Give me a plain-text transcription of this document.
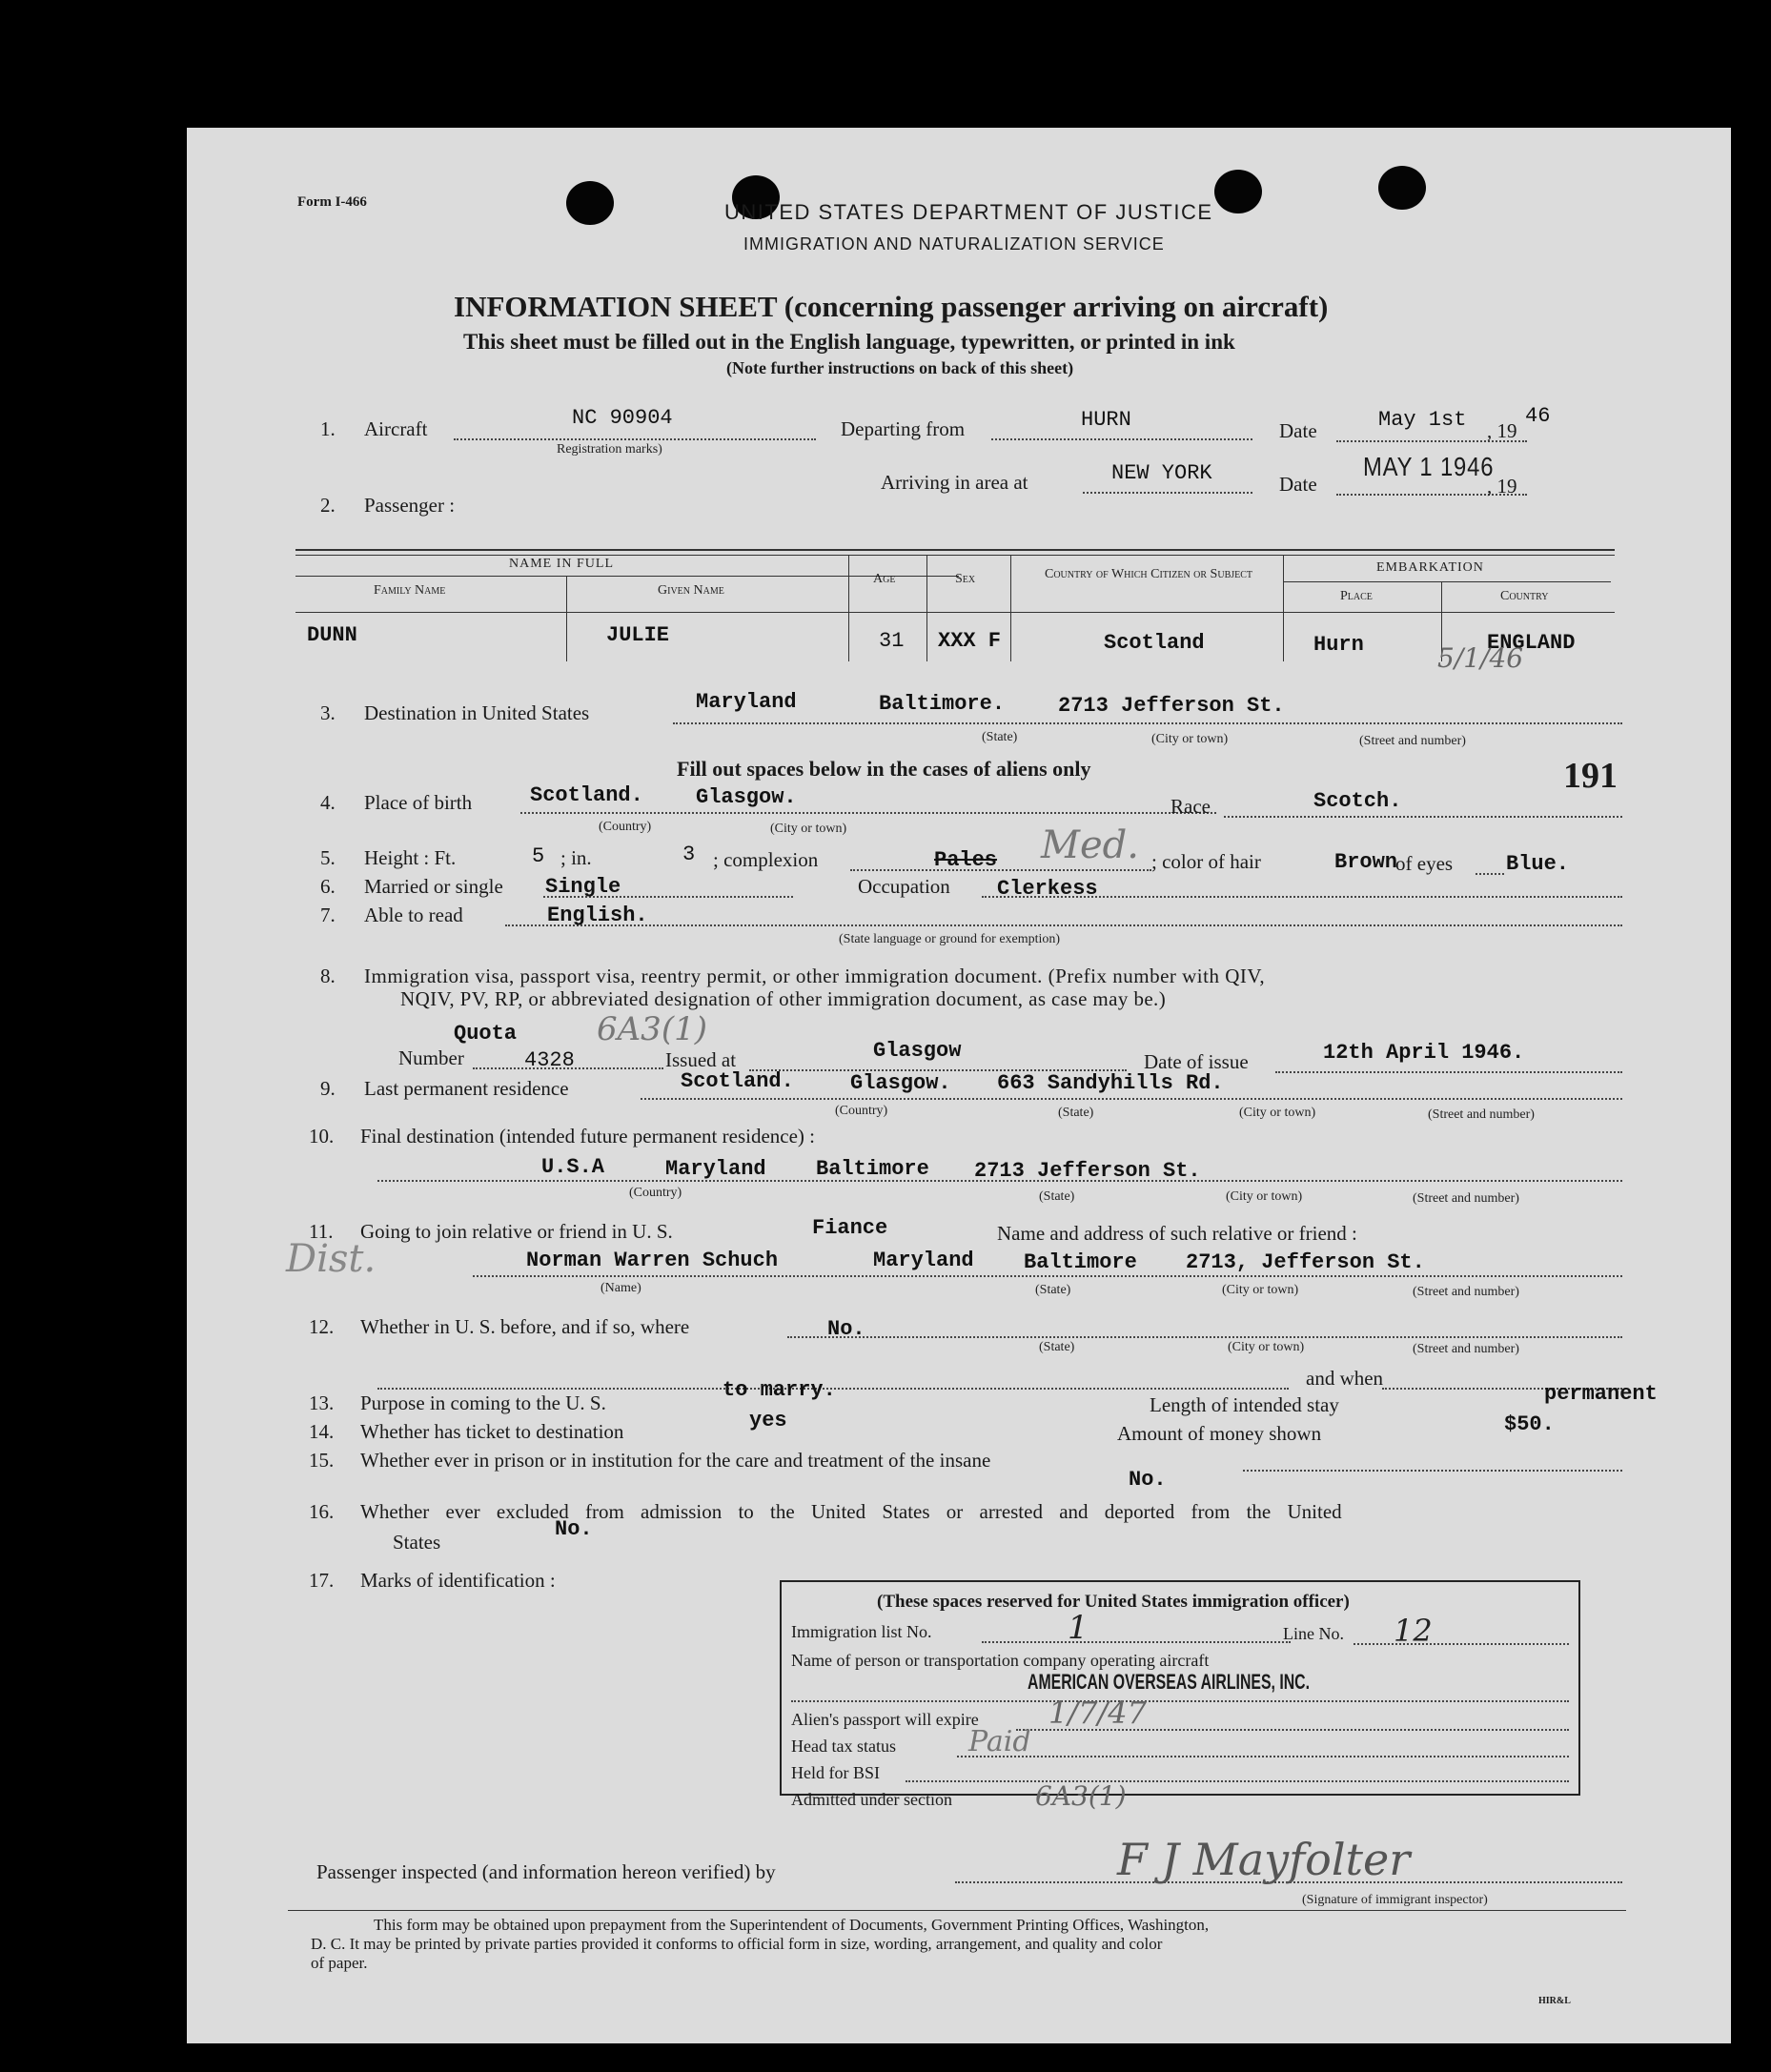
Form I-466	UNITED STATES DEPARTMENT OF JUSTICE
IMMIGRATION AND NATURALIZATION SERVICE
INFORMATION SHEET (concerning passenger arriving on aircraft)
This sheet must be filled out in the English language, typewritten, or printed in ink
(Note further instructions on back of this sheet)
1. Aircraft	NC 90904
Registration marks)
Departing from	HURN	Date	May 1st , 19
46
Arriving in area at	NEW YORK	Date
MAY 1 1946
, 19
2. Passenger :
NAME IN FULL
Family Name	Given Name
Age	Sex	Country of Which Citizen or Subject	EMBARKATION
Place	Country
DUNN	JULIE	31 XXX F	Scotland	Hurn	ENGLAND
5/1/46
3. Destination in United States	Maryland	Baltimore.	2713 Jefferson St.
(State)	(City or town)	(Street and number)
Fill out spaces below in the cases of aliens only	191
4. Place of birth	Scotland.	Glasgow.
(Country)	(City or town)
Race	Scotch.
5. Height : Ft.	5 ; in.	3 ; complexion	Pales Med. ; color of hair	Brown
of eyes	Blue.
6. Married or single Single	Occupation Clerkess
7. Able to read	English.
(State language or ground for exemption)
8. Immigration visa, passport visa, reentry permit, or other immigration document. (Prefix number with QIV,
NQIV, PV, RP, or abbreviated designation of other immigration document, as case may be.)
Quota 6A3(1)
Number	4328	Issued at	Glasgow	Date of issue	12th April 1946.
9. Last permanent residence	Scotland.	Glasgow. 663 Sandyhills Rd.
(Country)	(State)	(City or town)	(Street and number)
10. Final destination (intended future permanent residence) :
U.S.A	Maryland Baltimore 2713 Jefferson St.
(Country)	(State)	(City or town)	(Street and number)
11. Going to join relative or friend in U. S.	Fiance	Name and address of such relative or friend :
Dist.	Norman Warren Schuch	Maryland Baltimore 2713, Jefferson St.
(Name)	(State)	(City or town)	(Street and number)
12. Whether in U. S. before, and if so, where	No.
(State)	(City or town)	(Street and number)
and when
13. Purpose in coming to the U. S.
to marry.
Length of intended stay	permanent
14. Whether has ticket to destination	yes
Amount of money shown	$50.
15. Whether ever in prison or in institution for the care and treatment of the insane
No.
16. Whether ever excluded from admission to the United States or arrested and deported from the United
States
No.
17. Marks of identification :
(These spaces reserved for United States immigration officer)
Immigration list No.	1	Line No. 12
Name of person or transportation company operating aircraft
AMERICAN OVERSEAS AIRLINES, INC.
Alien's passport will expire 1/7/47
Head tax status	Paid
Held for BSI
Admitted under section	6A3(1)
Passenger inspected (and information hereon verified) by	F J Mayfolter
(Signature of immigrant inspector)
This form may be obtained upon prepayment from the Superintendent of Documents, Government Printing Offices, Washington,
D. C. It may be printed by private parties provided it conforms to official form in size, wording, arrangement, and quality and color
of paper.
HIR&L
